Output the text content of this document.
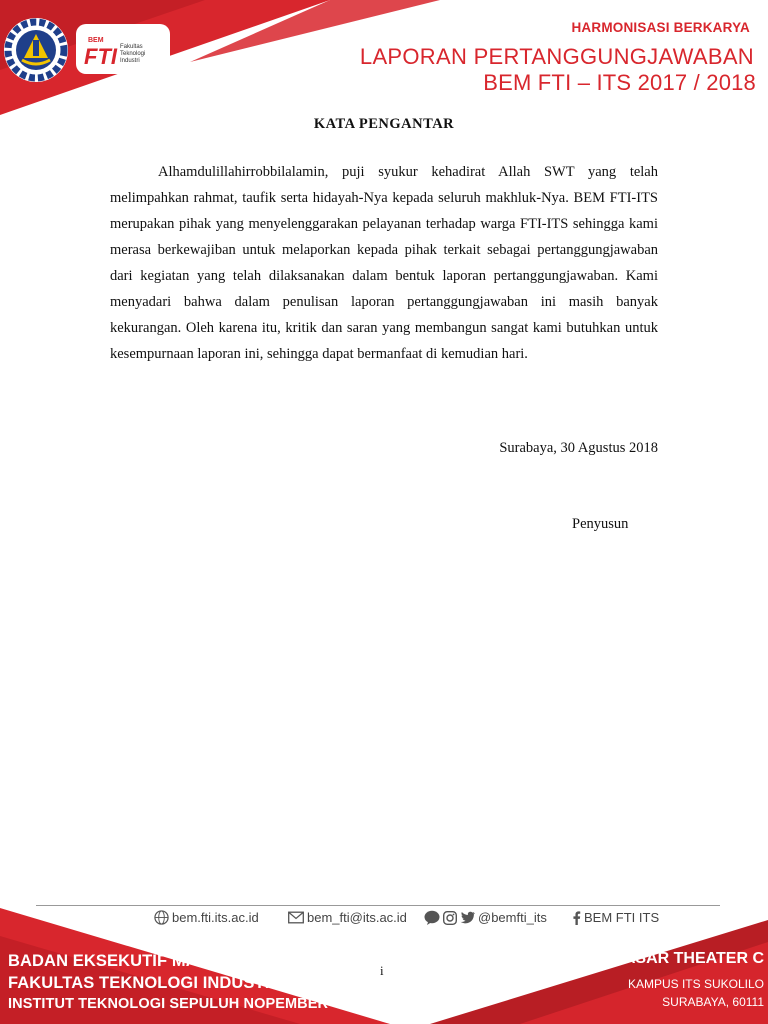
BEM
FTI Fakultas
Teknologi
Industri
HARMONISASI BERKARYA
LAPORAN PERTANGGUNGJAWABAN
BEM FTI – ITS 2017 / 2018
KATA PENGANTAR

Alhamdulillahirrobbilalamin, puji syukur kehadirat Allah SWT yang telah melimpahkan rahmat, taufik serta hidayah-Nya kepada seluruh makhluk-Nya. BEM FTI-ITS merupakan pihak yang menyelenggarakan pelayanan terhadap warga FTI-ITS sehingga kami merasa berkewajiban untuk melaporkan kepada pihak terkait sebagai pertanggungjawaban dari kegiatan yang telah dilaksanakan dalam bentuk laporan pertanggungjawaban. Kami menyadari bahwa dalam penulisan laporan pertanggungjawaban ini masih banyak kekurangan. Oleh karena itu, kritik dan saran yang membangun sangat kami butuhkan untuk kesempurnaan laporan ini, sehingga dapat bermanfaat di kemudian hari.

Surabaya, 30 Agustus 2018
Penyusun
bem.fti.its.ac.id	bem_fti@its.ac.id	@bemfti_its	BEM FTI ITS
BADAN EKSEKUTIF MAHASISWA
FAKULTAS TEKNOLOGI INDUSTRI
INSTITUT TEKNOLOGI SEPULUH NOPEMBER
LANTAI DASAR THEATER C
KAMPUS ITS SUKOLILO
SURABAYA, 60111
i
